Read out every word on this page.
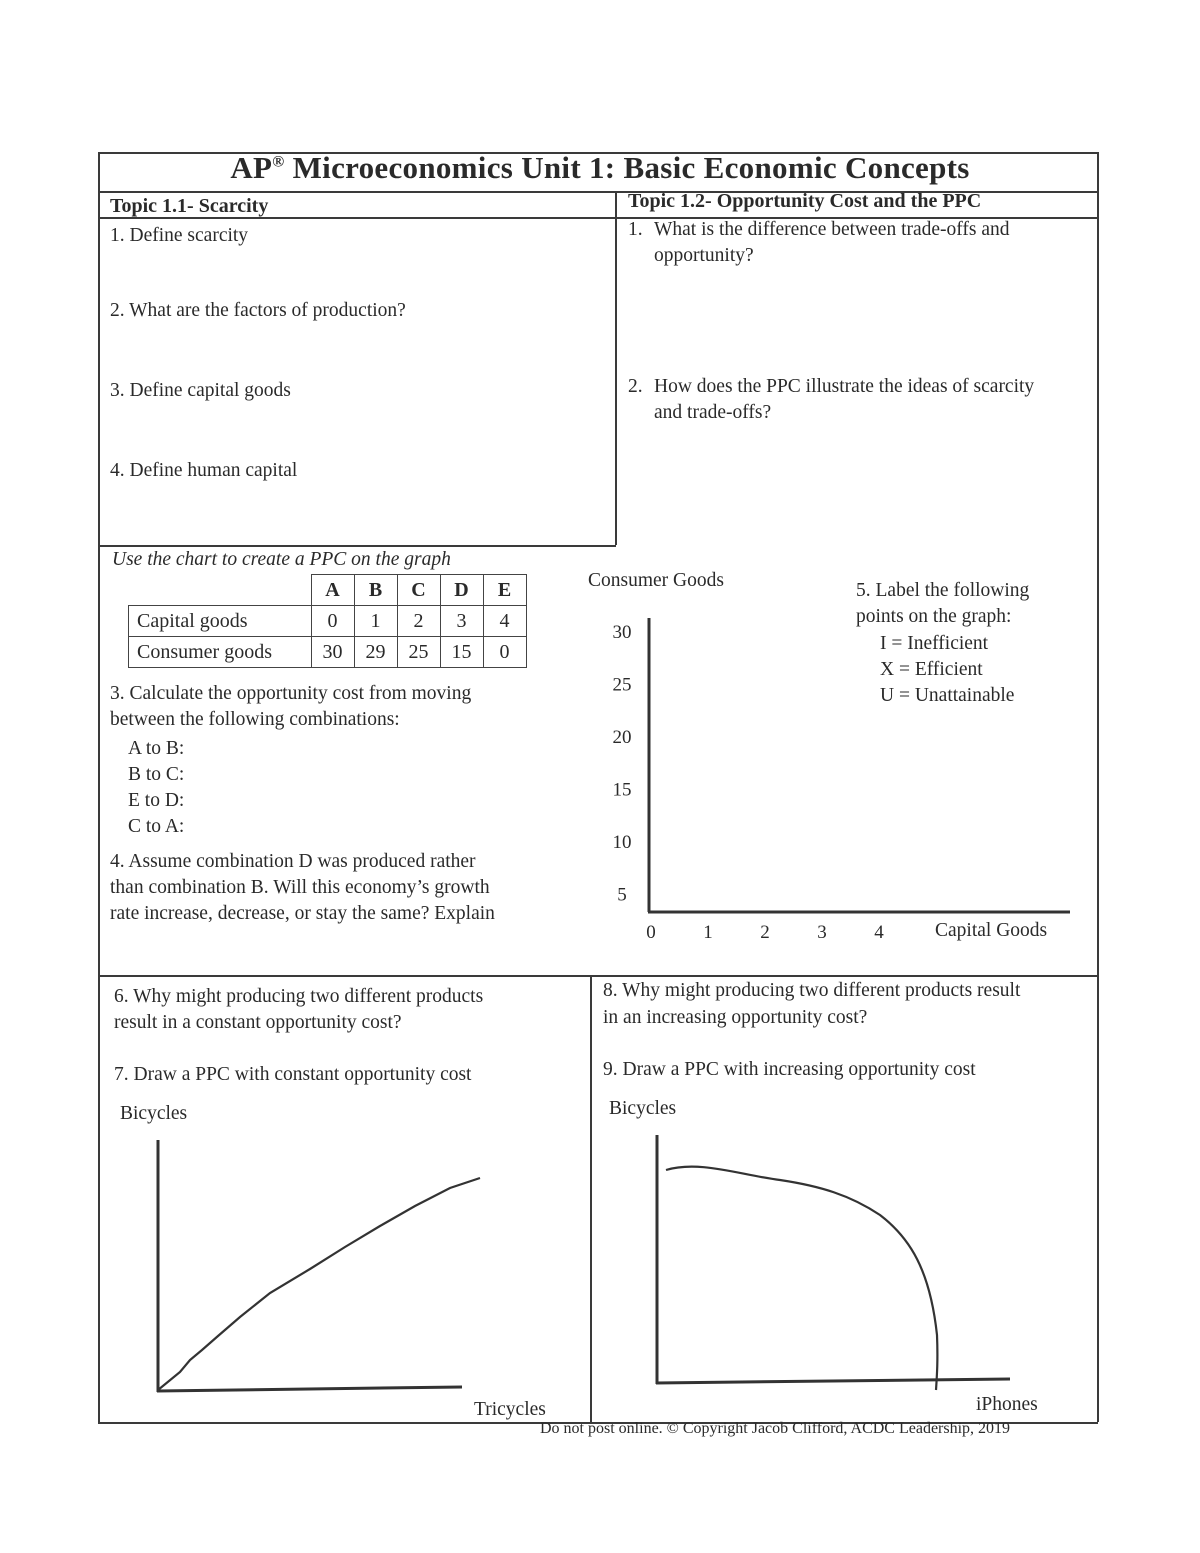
AP® Microeconomics Unit 1: Basic Economic Concepts
Topic 1.1- Scarcity
1. Define scarcity
2. What are the factors of production?
3. Define capital goods
4. Define human capital
Topic 1.2- Opportunity Cost and the PPC
1. What is the difference between trade-offs and opportunity?
2. How does the PPC illustrate the ideas of scarcity and trade-offs?
Use the chart to create a PPC on the graph
	A	B	C	D	E
Capital goods	0	1	2	3	4
Consumer goods	30	29	25	15	0
3. Calculate the opportunity cost from moving
between the following combinations:
A to B:
B to C:
E to D:
C to A:
4. Assume combination D was produced rather
than combination B. Will this economy’s growth
rate increase, decrease, or stay the same? Explain
Consumer Goods
30
25
20
15
10
5
0	1	2	3	4	Capital Goods
5. Label the following
points on the graph:
I = Inefficient
X = Efficient
U = Unattainable
6. Why might producing two different products
result in a constant opportunity cost?
7. Draw a PPC with constant opportunity cost
Bicycles
8. Why might producing two different products result
in an increasing opportunity cost?
9. Draw a PPC with increasing opportunity cost
Bicycles
Tricycles	iPhones
Do not post online. © Copyright Jacob Clifford, ACDC Leadership, 2019
